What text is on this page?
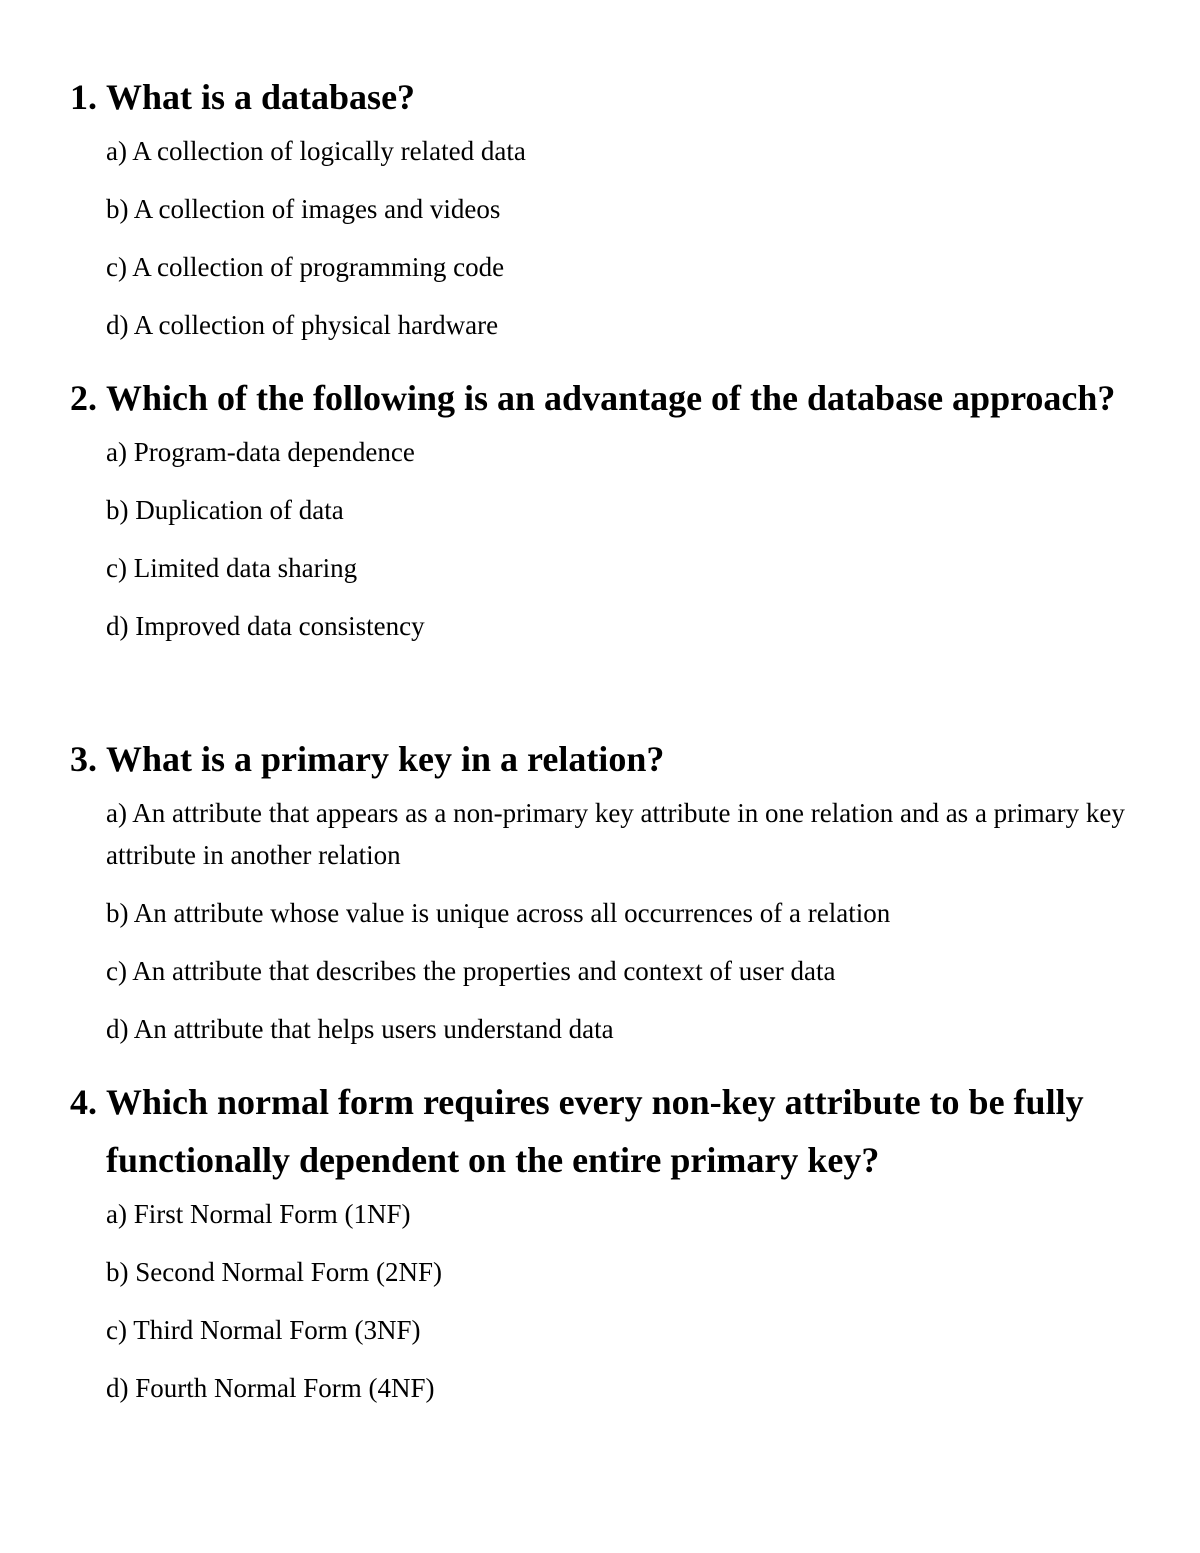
1. What is a database?
a) A collection of logically related data
b) A collection of images and videos
c) A collection of programming code
d) A collection of physical hardware
2. Which of the following is an advantage of the database approach?
a) Program-data dependence
b) Duplication of data
c) Limited data sharing
d) Improved data consistency
3. What is a primary key in a relation?
a) An attribute that appears as a non-primary key attribute in one relation and as a primary key attribute in another relation
b) An attribute whose value is unique across all occurrences of a relation
c) An attribute that describes the properties and context of user data
d) An attribute that helps users understand data
4. Which normal form requires every non-key attribute to be fully functionally dependent on the entire primary key?
a) First Normal Form (1NF)
b) Second Normal Form (2NF)
c) Third Normal Form (3NF)
d) Fourth Normal Form (4NF)
